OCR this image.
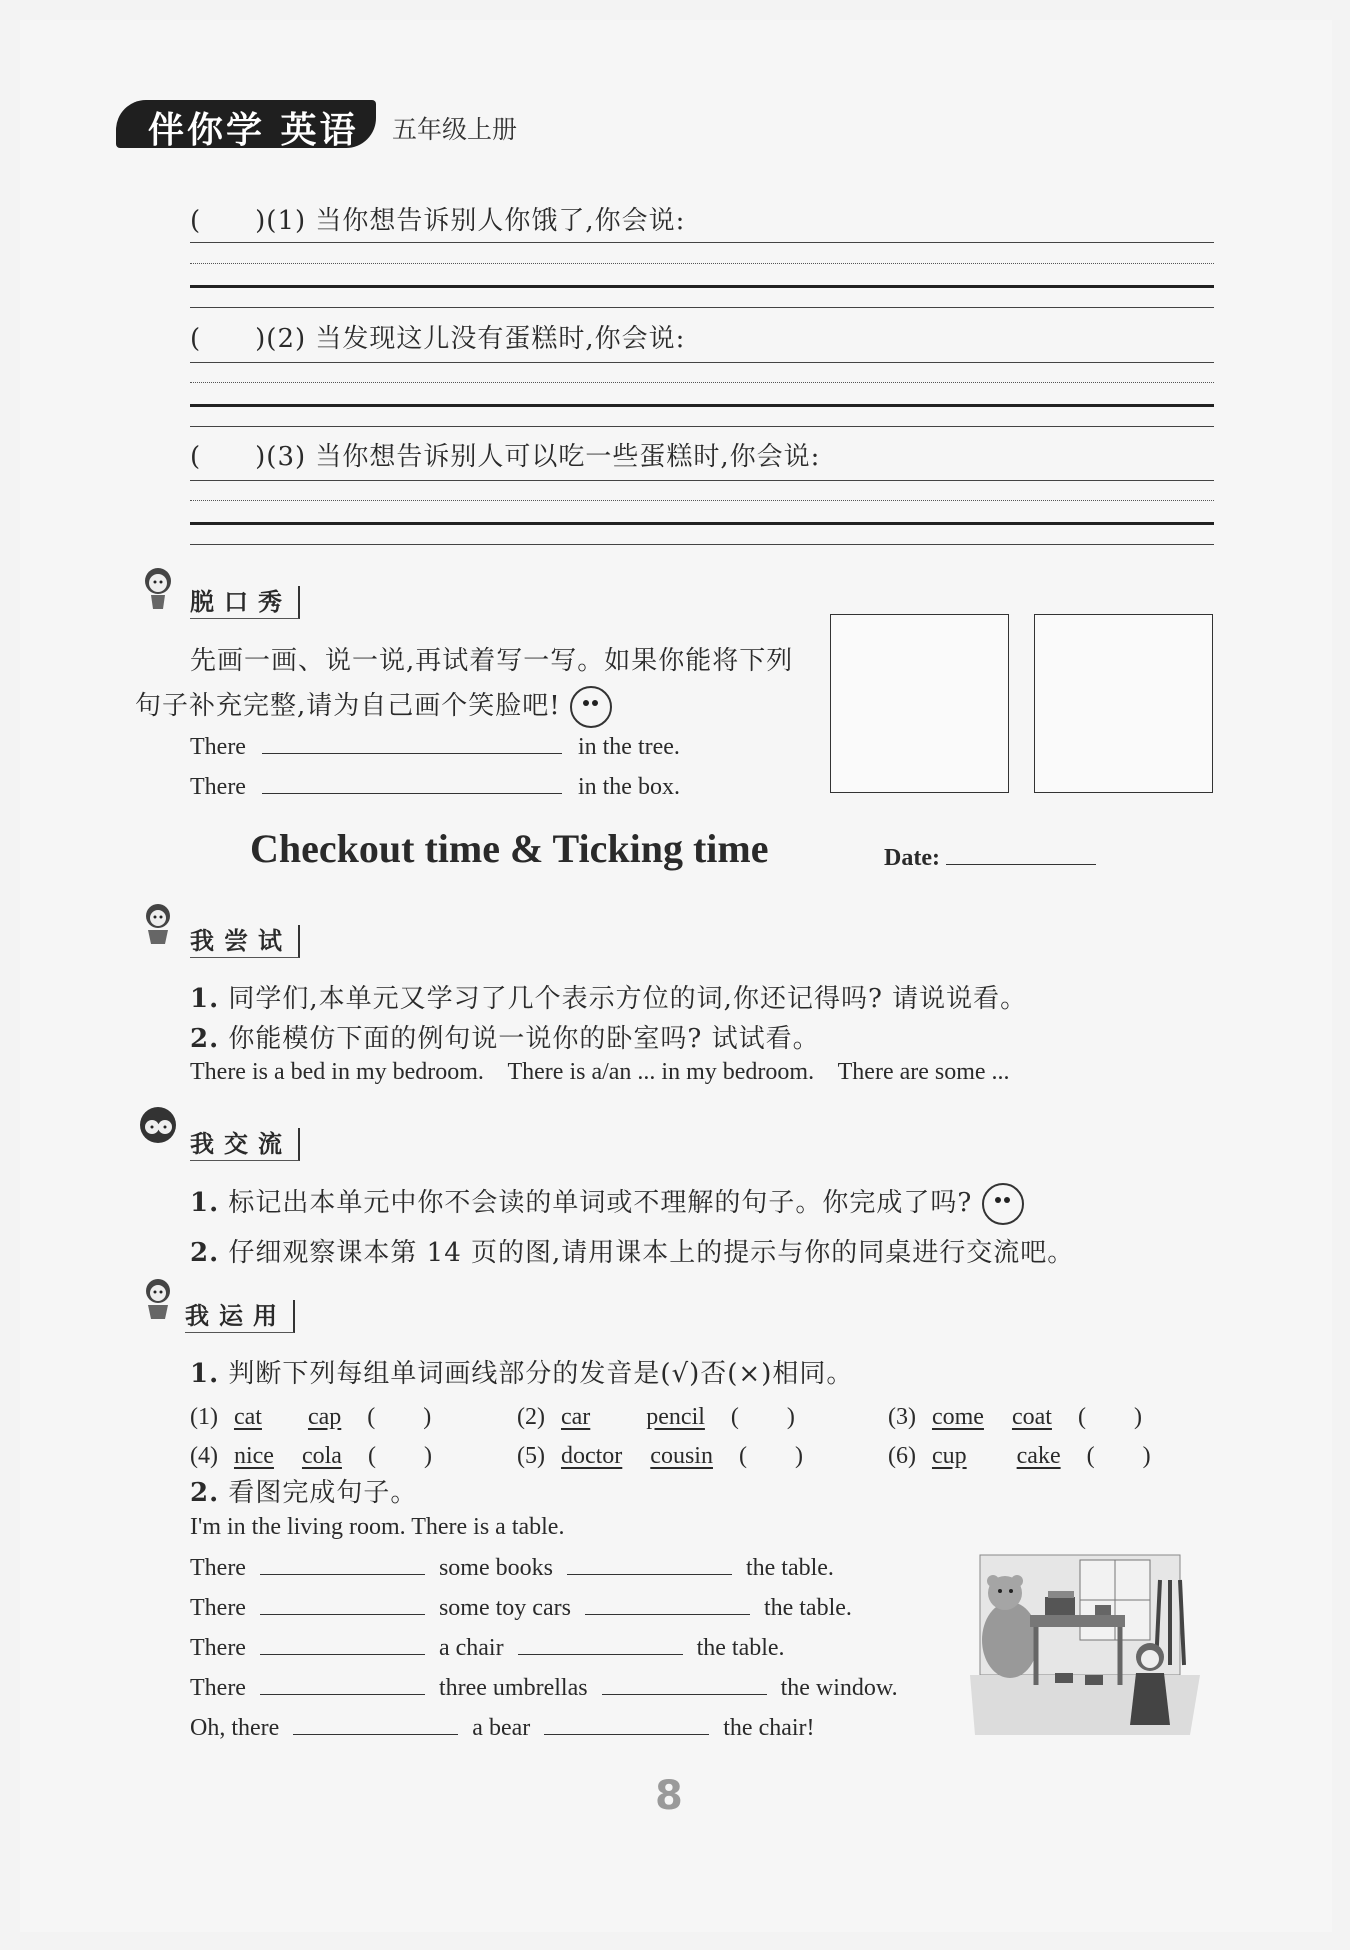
伴你学 英语 五年级上册
(　　)(1) 当你想告诉别人你饿了,你会说:
(　　)(2) 当发现这儿没有蛋糕时,你会说:
(　　)(3) 当你想告诉别人可以吃一些蛋糕时,你会说:
脱口秀
先画一画、说一说,再试着写一写。如果你能将下列
句子补充完整,请为自己画个笑脸吧!
There	in the tree.
There	in the box.
Checkout time & Ticking time	Date:
我尝试
1. 同学们,本单元又学习了几个表示方位的词,你还记得吗? 请说说看。
2. 你能模仿下面的例句说一说你的卧室吗? 试试看。
There is a bed in my bedroom.    There is a/an ... in my bedroom.    There are some ...
我交流
1. 标记出本单元中你不会读的单词或不理解的句子。你完成了吗?
2. 仔细观察课本第 14 页的图,请用课本上的提示与你的同桌进行交流吧。
我运用
1. 判断下列每组单词画线部分的发音是(√)否(×)相同。
(1) cat cap (　　)	(2) car pencil (　　)	(3) come coat (　　)
(4) nice cola (　　)	(5) doctor cousin (　　)	(6) cup cake (　　)
2. 看图完成句子。
I'm in the living room. There is a table.
There	some books	the table.
There	some toy cars	the table.
There	a chair	the table.
There	three umbrellas	the window.
Oh, there	a bear	the chair!
8
